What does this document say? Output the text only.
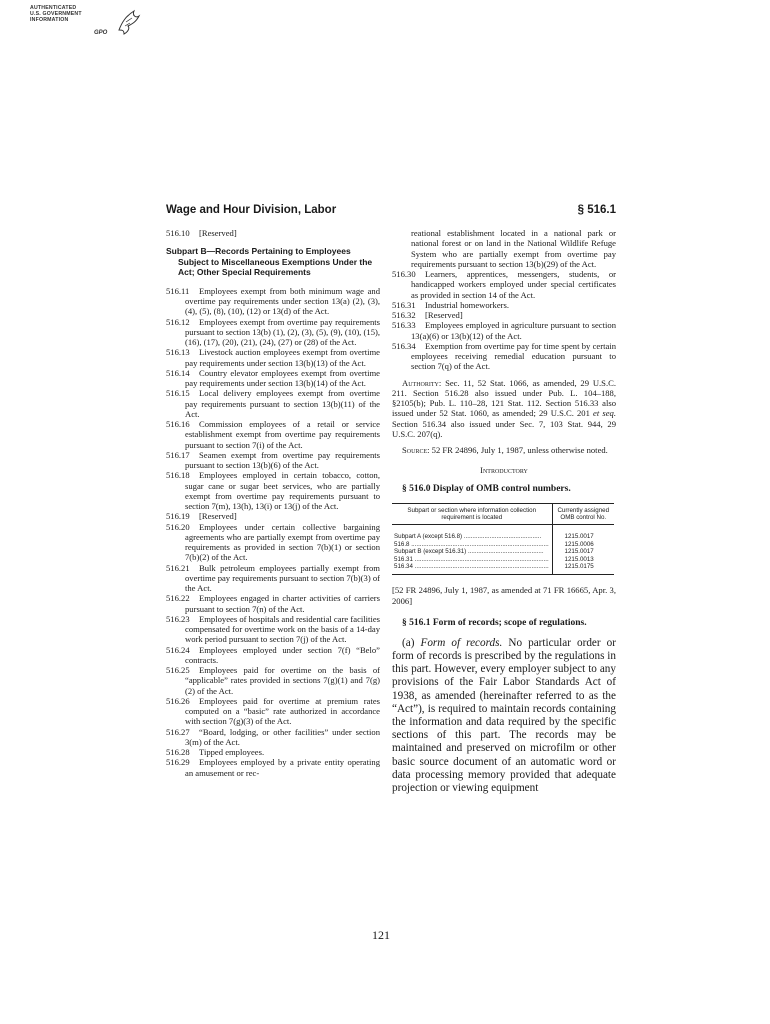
AUTHENTICATED
U.S. GOVERNMENT
INFORMATION
GPO
Wage and Hour Division, Labor	§ 516.1
516.10 [Reserved]
Subpart B—Records Pertaining to Employees Subject to Miscellaneous Exemptions Under the Act; Other Special Requirements
516.11 Employees exempt from both minimum wage and overtime pay requirements under section 13(a) (2), (3), (4), (5), (8), (10), (12) or 13(d) of the Act.
516.12 Employees exempt from overtime pay requirements pursuant to section 13(b) (1), (2), (3), (5), (9), (10), (15), (16), (17), (20), (21), (24), (27) or (28) of the Act.
516.13 Livestock auction employees exempt from overtime pay requirements under section 13(b)(13) of the Act.
516.14 Country elevator employees exempt from overtime pay requirements under section 13(b)(14) of the Act.
516.15 Local delivery employees exempt from overtime pay requirements pursuant to section 13(b)(11) of the Act.
516.16 Commission employees of a retail or service establishment exempt from overtime pay requirements pursuant to section 7(i) of the Act.
516.17 Seamen exempt from overtime pay requirements pursuant to section 13(b)(6) of the Act.
516.18 Employees employed in certain tobacco, cotton, sugar cane or sugar beet services, who are partially exempt from overtime pay requirements pursuant to section 7(m), 13(h), 13(i) or 13(j) of the Act.
516.19 [Reserved]
516.20 Employees under certain collective bargaining agreements who are partially exempt from overtime pay requirements as provided in section 7(b)(1) or section 7(b)(2) of the Act.
516.21 Bulk petroleum employees partially exempt from overtime pay requirements pursuant to section 7(b)(3) of the Act.
516.22 Employees engaged in charter activities of carriers pursuant to section 7(n) of the Act.
516.23 Employees of hospitals and residential care facilities compensated for overtime work on the basis of a 14-day work period pursuant to section 7(j) of the Act.
516.24 Employees employed under section 7(f) “Belo” contracts.
516.25 Employees paid for overtime on the basis of “applicable” rates provided in sections 7(g)(1) and 7(g)(2) of the Act.
516.26 Employees paid for overtime at premium rates computed on a “basic” rate authorized in accordance with section 7(g)(3) of the Act.
516.27 “Board, lodging, or other facilities” under section 3(m) of the Act.
516.28 Tipped employees.
516.29 Employees employed by a private entity operating an amusement or rec-
reational establishment located in a national park or national forest or on land in the National Wildlife Refuge System who are partially exempt from overtime pay requirements pursuant to section 13(b)(29) of the Act.
516.30 Learners, apprentices, messengers, students, or handicapped workers employed under special certificates as provided in section 14 of the Act.
516.31 Industrial homeworkers.
516.32 [Reserved]
516.33 Employees employed in agriculture pursuant to section 13(a)(6) or 13(b)(12) of the Act.
516.34 Exemption from overtime pay for time spent by certain employees receiving remedial education pursuant to section 7(q) of the Act.
Authority: Sec. 11, 52 Stat. 1066, as amended, 29 U.S.C. 211. Section 516.28 also issued under Pub. L. 104–188, §2105(b); Pub. L. 110–28, 121 Stat. 112. Section 516.33 also issued under 52 Stat. 1060, as amended; 29 U.S.C. 201 et seq. Section 516.34 also issued under Sec. 7, 103 Stat. 944, 29 U.S.C. 207(q).
Source: 52 FR 24896, July 1, 1987, unless otherwise noted.
Introductory
§ 516.0 Display of OMB control numbers.
Subpart or section where information collection requirement is located	Currently assigned OMB control No.
Subpart A (except 516.8) .............................................	1215.0017
516.8 ................................................................................	1215.0006
Subpart B (except 516.31) ............................................	1215.0017
516.31 ..............................................................................	1215.0013
516.34 ..............................................................................	1215.0175
[52 FR 24896, July 1, 1987, as amended at 71 FR 16665, Apr. 3, 2006]
§ 516.1 Form of records; scope of regulations.
(a) Form of records. No particular order or form of records is prescribed by the regulations in this part. However, every employer subject to any provisions of the Fair Labor Standards Act of 1938, as amended (hereinafter referred to as the “Act”), is required to maintain records containing the information and data required by the specific sections of this part. The records may be maintained and preserved on microfilm or other basic source document of an automatic word or data processing memory provided that adequate projection or viewing equipment
121
